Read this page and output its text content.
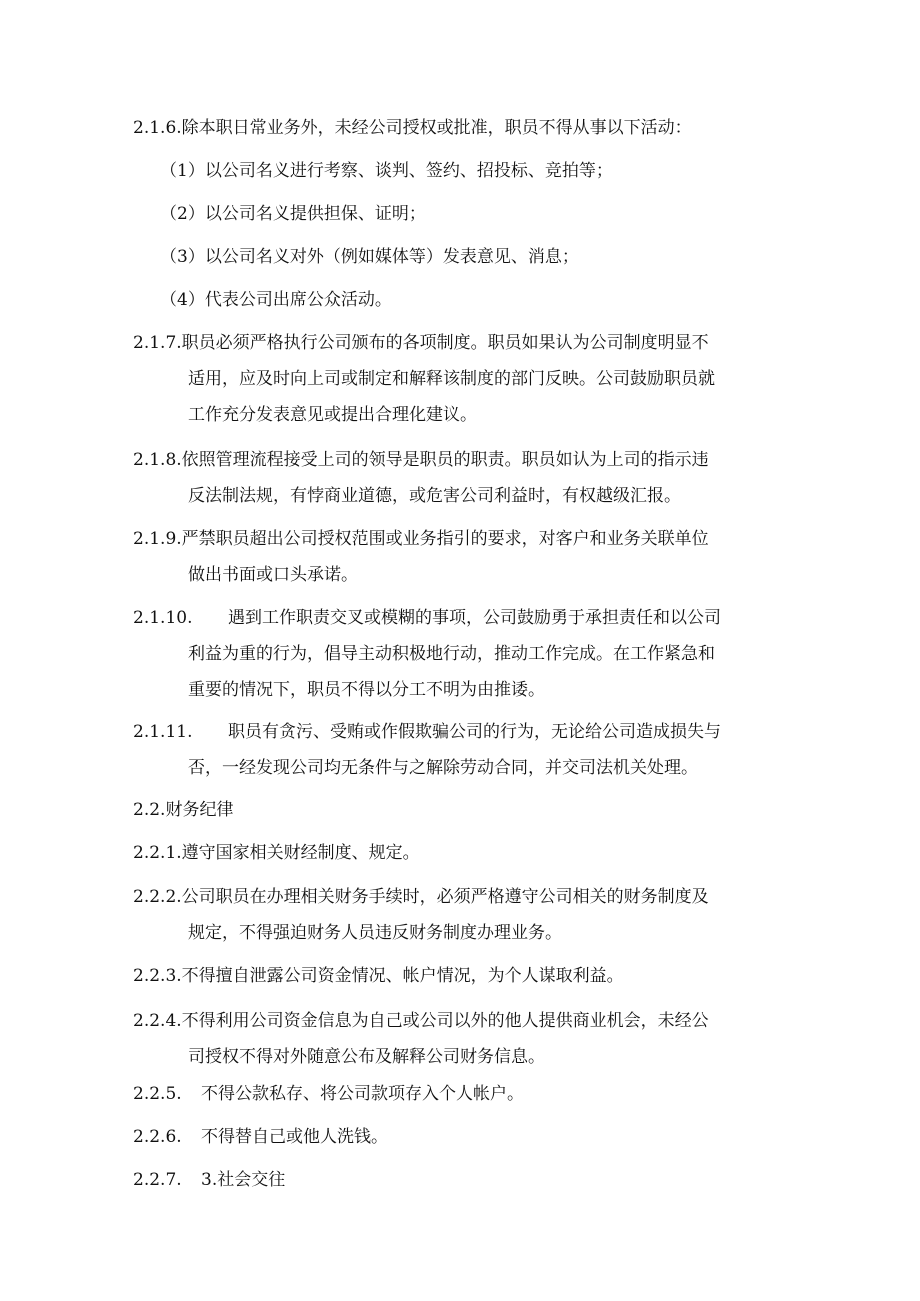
2.1.6.除本职日常业务外，未经公司授权或批准，职员不得从事以下活动：
（1）以公司名义进行考察、谈判、签约、招投标、竞拍等；
（2）以公司名义提供担保、证明；
（3）以公司名义对外（例如媒体等）发表意见、消息；
（4）代表公司出席公众活动。
2.1.7.职员必须严格执行公司颁布的各项制度。职员如果认为公司制度明显不
适用，应及时向上司或制定和解释该制度的部门反映。公司鼓励职员就
工作充分发表意见或提出合理化建议。
2.1.8.依照管理流程接受上司的领导是职员的职责。职员如认为上司的指示违
反法制法规，有悖商业道德，或危害公司利益时，有权越级汇报。
2.1.9.严禁职员超出公司授权范围或业务指引的要求，对客户和业务关联单位
做出书面或口头承诺。
2.1.10. 遇到工作职责交叉或模糊的事项，公司鼓励勇于承担责任和以公司
利益为重的行为，倡导主动积极地行动，推动工作完成。在工作紧急和
重要的情况下，职员不得以分工不明为由推诿。
2.1.11. 职员有贪污、受贿或作假欺骗公司的行为，无论给公司造成损失与
否，一经发现公司均无条件与之解除劳动合同，并交司法机关处理。
2.2.财务纪律
2.2.1.遵守国家相关财经制度、规定。
2.2.2.公司职员在办理相关财务手续时，必须严格遵守公司相关的财务制度及
规定，不得强迫财务人员违反财务制度办理业务。
2.2.3.不得擅自泄露公司资金情况、帐户情况，为个人谋取利益。
2.2.4.不得利用公司资金信息为自己或公司以外的他人提供商业机会，未经公
司授权不得对外随意公布及解释公司财务信息。
2.2.5. 不得公款私存、将公司款项存入个人帐户。
2.2.6. 不得替自己或他人洗钱。
2.2.7. 3.社会交往
